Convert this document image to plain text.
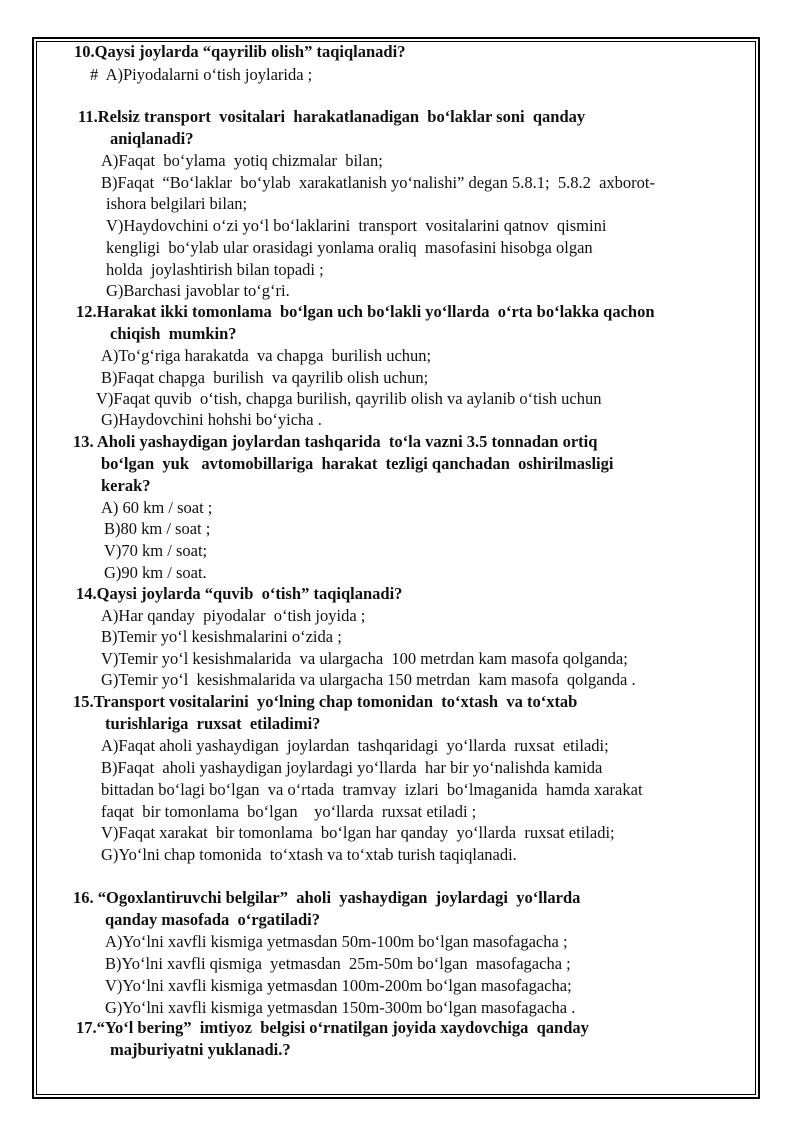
10.Qaysi joylarda “qayrilib olish” taqiqlanadi?
#  A)Piyodalarni o‘tish joylarida ;
11.Relsiz transport  vositalari  harakatlanadigan  bo‘laklar soni  qanday
aniqlanadi?
A)Faqat  bo‘ylama  yotiq chizmalar  bilan;
B)Faqat  “Bo‘laklar  bo‘ylab  xarakatlanish yo‘nalishi” degan 5.8.1;  5.8.2  axborot-
ishora belgilari bilan;
V)Haydovchini o‘zi yo‘l bo‘laklarini  transport  vositalarini qatnov  qismini
kengligi  bo‘ylab ular orasidagi yonlama oraliq  masofasini hisobga olgan
holda  joylashtirish bilan topadi ;
G)Barchasi javoblar to‘g‘ri.
12.Harakat ikki tomonlama  bo‘lgan uch bo‘lakli yo‘llarda  o‘rta bo‘lakka qachon
chiqish  mumkin?
A)To‘g‘riga harakatda  va chapga  burilish uchun;
B)Faqat chapga  burilish  va qayrilib olish uchun;
V)Faqat quvib  o‘tish, chapga burilish, qayrilib olish va aylanib o‘tish uchun
G)Haydovchini hohshi bo‘yicha .
13. Aholi yashaydigan joylardan tashqarida  to‘la vazni 3.5 tonnadan ortiq
bo‘lgan  yuk   avtomobillariga  harakat  tezligi qanchadan  oshirilmasligi
kerak?
A) 60 km / soat ;
B)80 km / soat ;
V)70 km / soat;
G)90 km / soat.
14.Qaysi joylarda “quvib  o‘tish” taqiqlanadi?
A)Har qanday  piyodalar  o‘tish joyida ;
B)Temir yo‘l kesishmalarini o‘zida ;
V)Temir yo‘l kesishmalarida  va ulargacha  100 metrdan kam masofa qolganda;
G)Temir yo‘l  kesishmalarida va ulargacha 150 metrdan  kam masofa  qolganda .
15.Transport vositalarini  yo‘lning chap tomonidan  to‘xtash  va to‘xtab
turishlariga  ruxsat  etiladimi?
A)Faqat aholi yashaydigan  joylardan  tashqaridagi  yo‘llarda  ruxsat  etiladi;
B)Faqat  aholi yashaydigan joylardagi yo‘llarda  har bir yo‘nalishda kamida
bittadan bo‘lagi bo‘lgan  va o‘rtada  tramvay  izlari  bo‘lmaganida  hamda xarakat
faqat  bir tomonlama  bo‘lgan    yo‘llarda  ruxsat etiladi ;
V)Faqat xarakat  bir tomonlama  bo‘lgan har qanday  yo‘llarda  ruxsat etiladi;
G)Yo‘lni chap tomonida  to‘xtash va to‘xtab turish taqiqlanadi.
16. “Ogoxlantiruvchi belgilar”  aholi  yashaydigan  joylardagi  yo‘llarda
qanday masofada  o‘rgatiladi?
A)Yo‘lni xavfli kismiga yetmasdan 50m-100m bo‘lgan masofagacha ;
B)Yo‘lni xavfli qismiga  yetmasdan  25m-50m bo‘lgan  masofagacha ;
V)Yo‘lni xavfli kismiga yetmasdan 100m-200m bo‘lgan masofagacha;
G)Yo‘lni xavfli kismiga yetmasdan 150m-300m bo‘lgan masofagacha .
17.“Yo‘l bering”  imtiyoz  belgisi o‘rnatilgan joyida xaydovchiga  qanday
majburiyatni yuklanadi.?
